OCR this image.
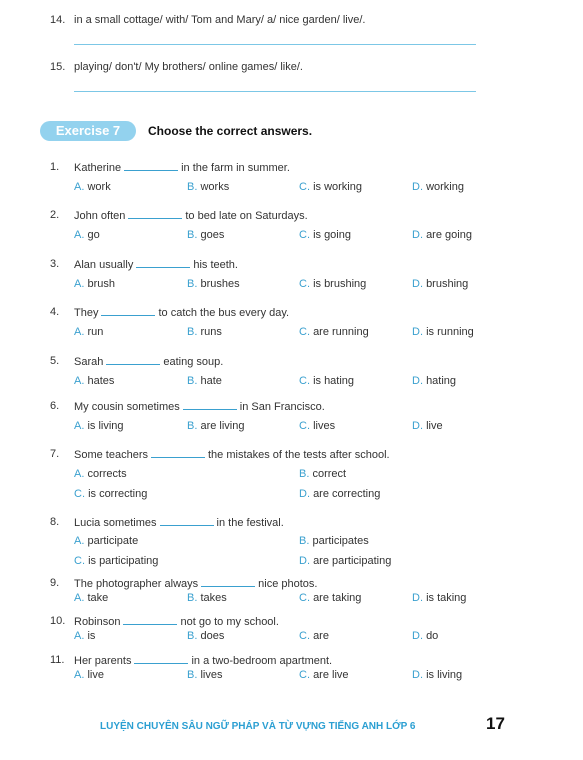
14. in a small cottage/ with/ Tom and Mary/ a/ nice garden/ live/.
15. playing/ don't/ My brothers/ online games/ like/.
Exercise 7	Choose the correct answers.
1. Katherine	in the farm in summer.
A. work	B. works	C. is working	D. working
2. John often	to bed late on Saturdays.
A. go	B. goes	C. is going	D. are going
3. Alan usually	his teeth.
A. brush	B. brushes	C. is brushing	D. brushing
4. They	to catch the bus every day.
A. run	B. runs	C. are running	D. is running
5. Sarah	eating soup.
A. hates	B. hate	C. is hating	D. hating
6. My cousin sometimes	in San Francisco.
A. is living	B. are living	C. lives	D. live
7. Some teachers	the mistakes of the tests after school.
A. corrects	B. correct
C. is correcting	D. are correcting
8. Lucia sometimes	in the festival.
A. participate	B. participates
C. is participating	D. are participating
9. The photographer always	nice photos.
A. take	B. takes	C. are taking	D. is taking
10. Robinson	not go to my school.
A. is	B. does	C. are	D. do
11. Her parents	in a two-bedroom apartment.
A. live	B. lives	C. are live	D. is living
LUYỆN CHUYÊN SÂU NGỮ PHÁP VÀ TỪ VỰNG TIẾNG ANH LỚP 6	17
